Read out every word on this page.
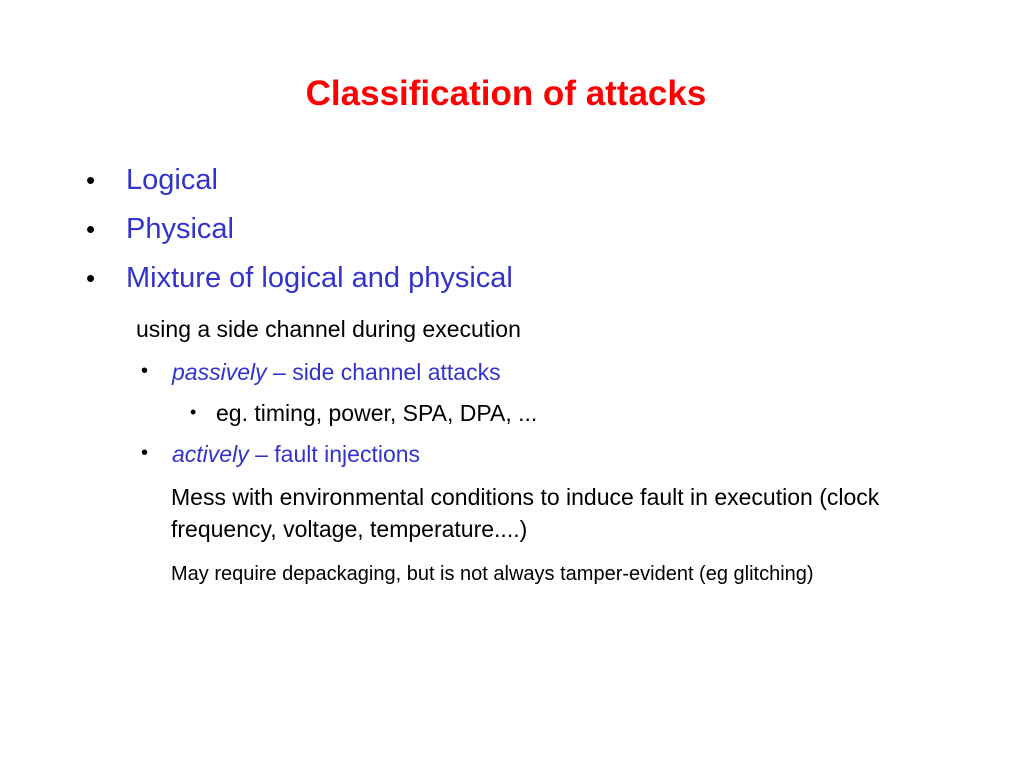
Classification of attacks
• Logical
• Physical
• Mixture of logical and physical
using a side channel during execution
• passively – side channel attacks
• eg. timing, power, SPA, DPA, ...
• actively – fault injections
Mess with environmental conditions to induce fault in execution (clock frequency, voltage, temperature....)
May require depackaging, but is not always tamper-evident (eg glitching)
